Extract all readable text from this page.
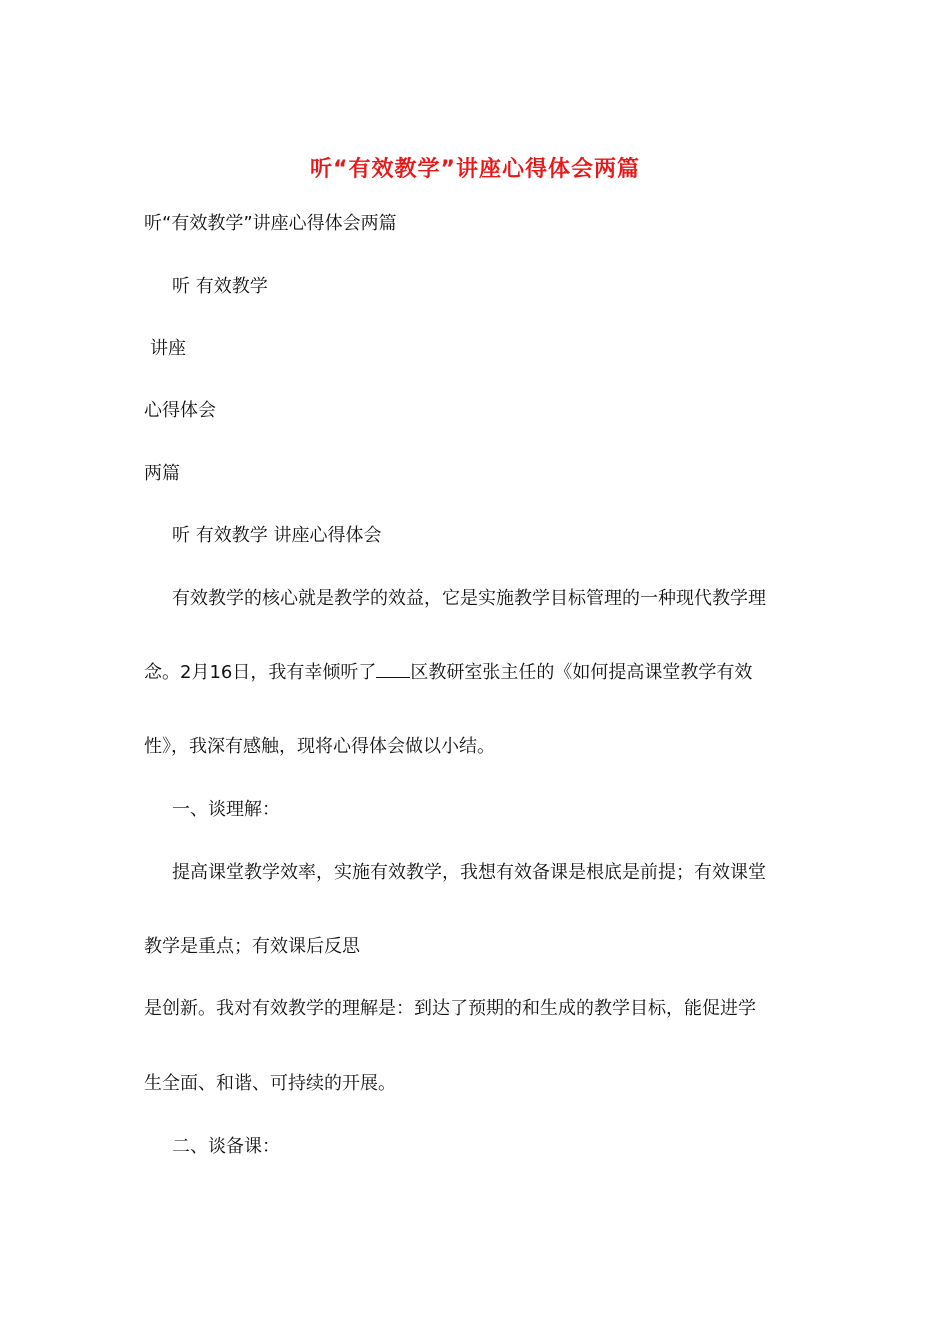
听“有效教学”讲座心得体会两篇
听“有效教学”讲座心得体会两篇
听 有效教学
讲座
心得体会
两篇
听 有效教学 讲座心得体会
有效教学的核心就是教学的效益，它是实施教学目标管理的一种现代教学理
念。2月16日，我有幸倾听了 区教研室张主任的《如何提高课堂教学有效
性》，我深有感触，现将心得体会做以小结。
一、谈理解：
提高课堂教学效率，实施有效教学，我想有效备课是根底是前提；有效课堂
教学是重点；有效课后反思
是创新。我对有效教学的理解是：到达了预期的和生成的教学目标，能促进学
生全面、和谐、可持续的开展。
二、谈备课：
